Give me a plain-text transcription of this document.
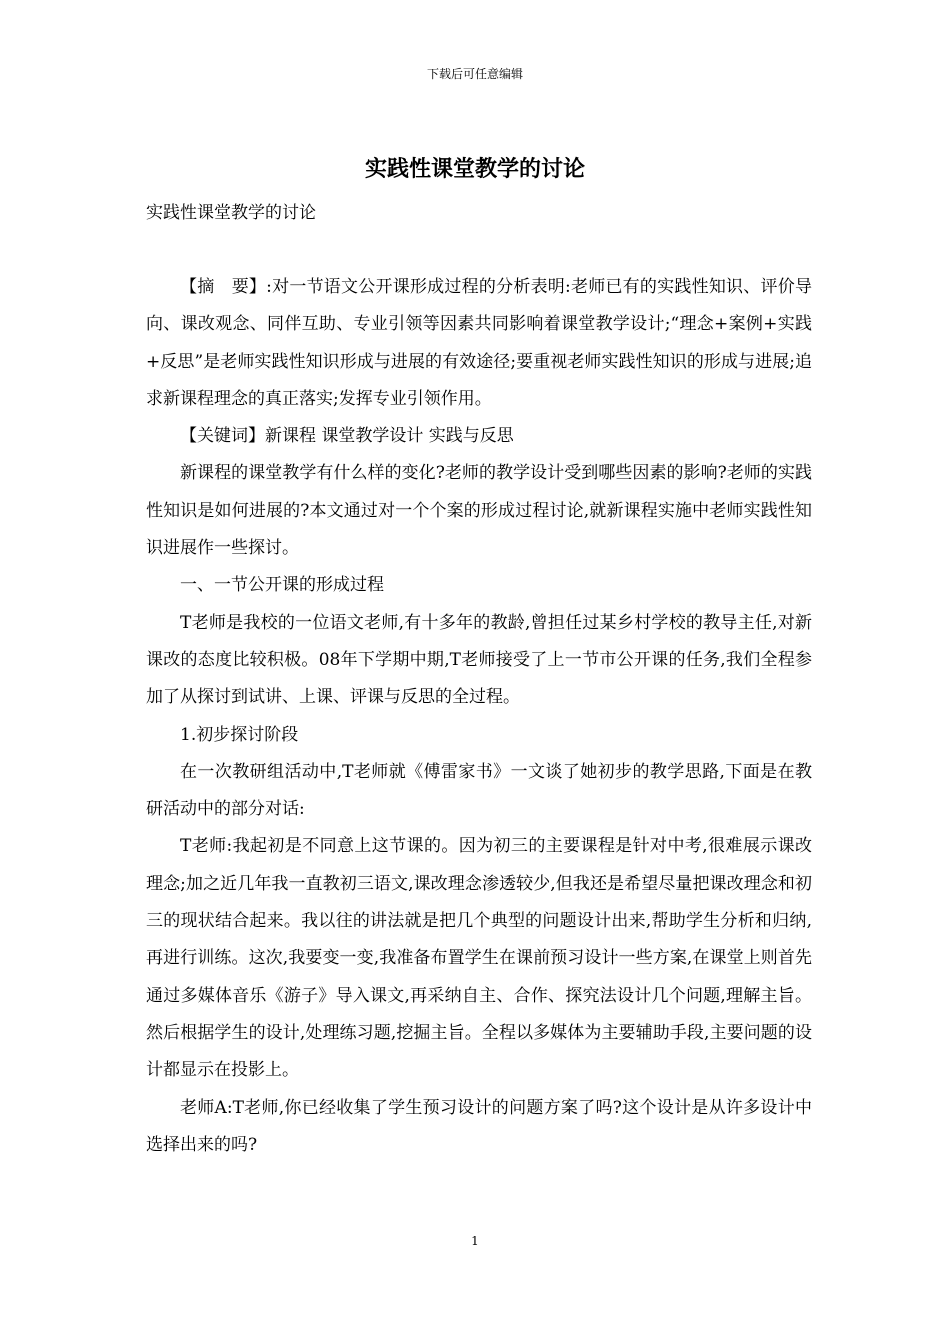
下载后可任意编辑
实践性课堂教学的讨论
实践性课堂教学的讨论

【摘　要】:对一节语文公开课形成过程的分析表明:老师已有的实践性知识、评价导向、课改观念、同伴互助、专业引领等因素共同影响着课堂教学设计;“理念+案例+实践+反思”是老师实践性知识形成与进展的有效途径;要重视老师实践性知识的形成与进展;追求新课程理念的真正落实;发挥专业引领作用。

【关键词】新课程 课堂教学设计 实践与反思

新课程的课堂教学有什么样的变化?老师的教学设计受到哪些因素的影响?老师的实践性知识是如何进展的?本文通过对一个个案的形成过程讨论,就新课程实施中老师实践性知识进展作一些探讨。

一、一节公开课的形成过程

T老师是我校的一位语文老师,有十多年的教龄,曾担任过某乡村学校的教导主任,对新课改的态度比较积极。08年下学期中期,T老师接受了上一节市公开课的任务,我们全程参加了从探讨到试讲、上课、评课与反思的全过程。

1.初步探讨阶段

在一次教研组活动中,T老师就《傅雷家书》一文谈了她初步的教学思路,下面是在教研活动中的部分对话:

T老师:我起初是不同意上这节课的。因为初三的主要课程是针对中考,很难展示课改理念;加之近几年我一直教初三语文,课改理念渗透较少,但我还是希望尽量把课改理念和初三的现状结合起来。我以往的讲法就是把几个典型的问题设计出来,帮助学生分析和归纳,再进行训练。这次,我要变一变,我准备布置学生在课前预习设计一些方案,在课堂上则首先通过多媒体音乐《游子》导入课文,再采纳自主、合作、探究法设计几个问题,理解主旨。然后根据学生的设计,处理练习题,挖掘主旨。全程以多媒体为主要辅助手段,主要问题的设计都显示在投影上。

老师A:T老师,你已经收集了学生预习设计的问题方案了吗?这个设计是从许多设计中选择出来的吗?

1
